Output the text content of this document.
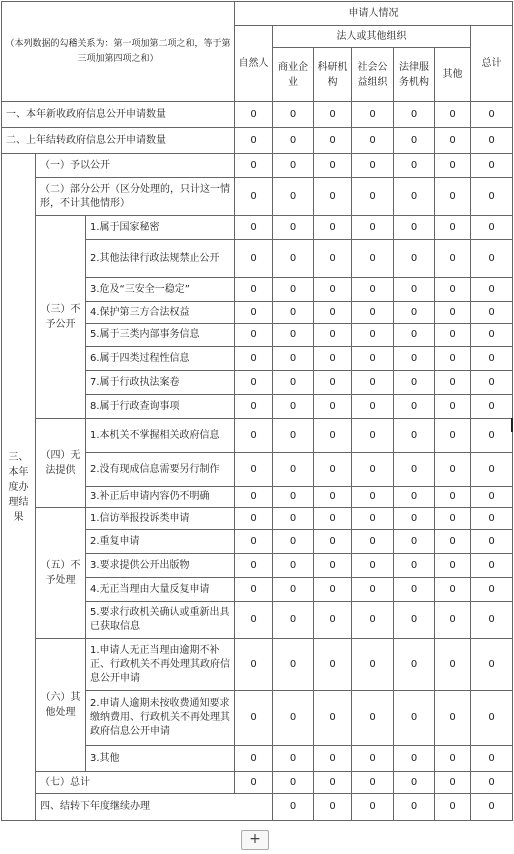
（本列数据的勾稽关系为：第一项加第二项之和，等于第三项加第四项之和）			申请人情况							
			自然人	法人或其他组织					总计	
				商业企业	科研机构	社会公益组织	法律服务机构	其他		
一、本年新收政府信息公开申请数量			0	0	0	0	0	0	0	
二、上年结转政府信息公开申请数量			0	0	0	0	0	0	0	
三、本年度办理结果	（一）予以公开		0	0	0	0	0	0	0	
	（二）部分公开（区分处理的，只计这一情形，不计其他情形）		0	0	0	0	0	0	0	
	（三）不予公开	1.属于国家秘密	0	0	0	0	0	0	0	
		2.其他法律行政法规禁止公开	0	0	0	0	0	0	0	
		3.危及“三安全一稳定”	0	0	0	0	0	0	0	
		4.保护第三方合法权益	0	0	0	0	0	0	0	
		5.属于三类内部事务信息	0	0	0	0	0	0	0	
		6.属于四类过程性信息	0	0	0	0	0	0	0	
		7.属于行政执法案卷	0	0	0	0	0	0	0	
		8.属于行政查询事项	0	0	0	0	0	0	0	
	（四）无法提供	1.本机关不掌握相关政府信息	0	0	0	0	0	0	0	
		2.没有现成信息需要另行制作	0	0	0	0	0	0	0	
		3.补正后申请内容仍不明确	0	0	0	0	0	0	0	
	（五）不予处理	1.信访举报投诉类申请	0	0	0	0	0	0	0	
		2.重复申请	0	0	0	0	0	0	0	
		3.要求提供公开出版物	0	0	0	0	0	0	0	
		4.无正当理由大量反复申请	0	0	0	0	0	0	0	
		5.要求行政机关确认或重新出具已获取信息	0	0	0	0	0	0	0	
	（六）其他处理	1.申请人无正当理由逾期不补正、行政机关不再处理其政府信息公开申请	0	0	0	0	0	0	0	
		2.申请人逾期未按收费通知要求缴纳费用、行政机关不再处理其政府信息公开申请	0	0	0	0	0	0	0	
		3.其他	0	0	0	0	0	0	0	
	（七）总计		0	0	0	0	0	0	0	
	四、结转下年度继续办理			0	0	0	0	0	0	
+
